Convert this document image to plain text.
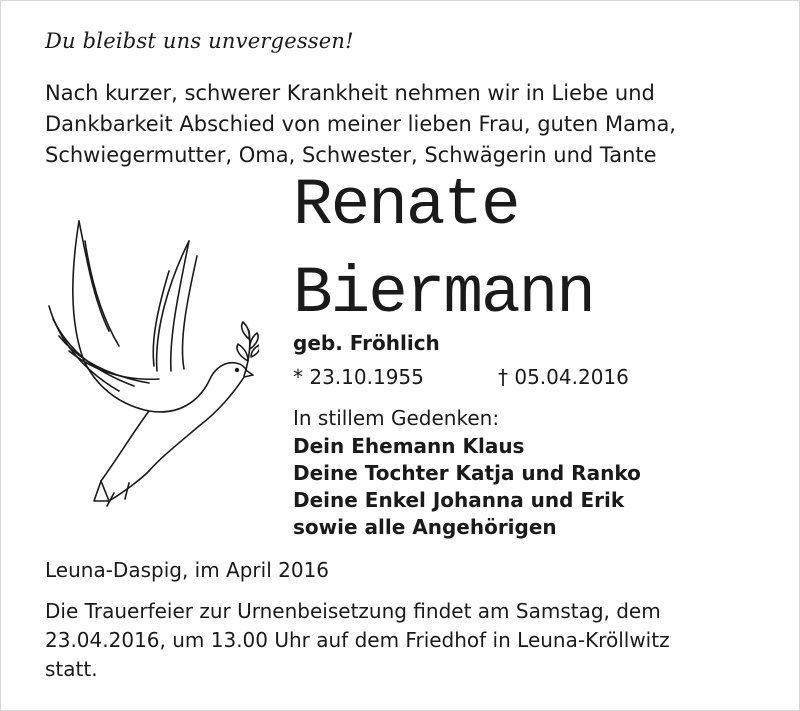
Du bleibst uns unvergessen!

Nach kurzer, schwerer Krankheit nehmen wir in Liebe und
Dankbarkeit Abschied von meiner lieben Frau, guten Mama,
Schwiegermutter, Oma, Schwester, Schwägerin und Tante

Renate

Biermann

geb. Fröhlich

* 23.10.1955	† 05.04.2016

In stillem Gedenken:

Dein Ehemann Klaus

Deine Tochter Katja und Ranko

Deine Enkel Johanna und Erik

sowie alle Angehörigen

Leuna-Daspig, im April 2016

Die Trauerfeier zur Urnenbeisetzung findet am Samstag, dem
23.04.2016, um 13.00 Uhr auf dem Friedhof in Leuna-Kröllwitz
statt.
